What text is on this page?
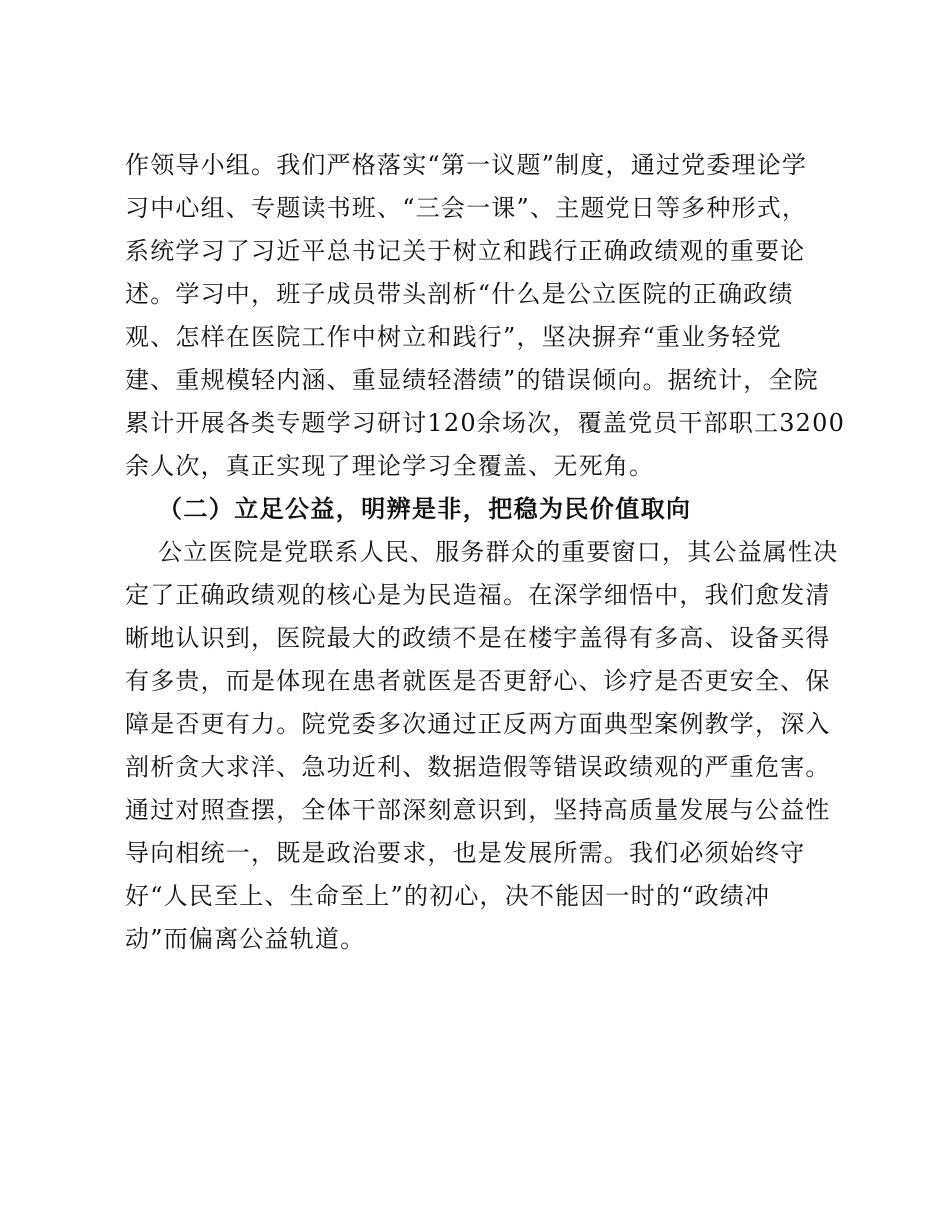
作领导小组。我们严格落实“第一议题”制度，通过党委理论学
习中心组、专题读书班、“三会一课”、主题党日等多种形式，
系统学习了习近平总书记关于树立和践行正确政绩观的重要论
述。学习中，班子成员带头剖析“什么是公立医院的正确政绩
观、怎样在医院工作中树立和践行”，坚决摒弃“重业务轻党
建、重规模轻内涵、重显绩轻潜绩”的错误倾向。据统计，全院
累计开展各类专题学习研讨120余场次，覆盖党员干部职工3200
余人次，真正实现了理论学习全覆盖、无死角。
（二）立足公益，明辨是非，把稳为民价值取向
公立医院是党联系人民、服务群众的重要窗口，其公益属性决
定了正确政绩观的核心是为民造福。在深学细悟中，我们愈发清
晰地认识到，医院最大的政绩不是在楼宇盖得有多高、设备买得
有多贵，而是体现在患者就医是否更舒心、诊疗是否更安全、保
障是否更有力。院党委多次通过正反两方面典型案例教学，深入
剖析贪大求洋、急功近利、数据造假等错误政绩观的严重危害。
通过对照查摆，全体干部深刻意识到，坚持高质量发展与公益性
导向相统一，既是政治要求，也是发展所需。我们必须始终守
好“人民至上、生命至上”的初心，决不能因一时的“政绩冲
动”而偏离公益轨道。
